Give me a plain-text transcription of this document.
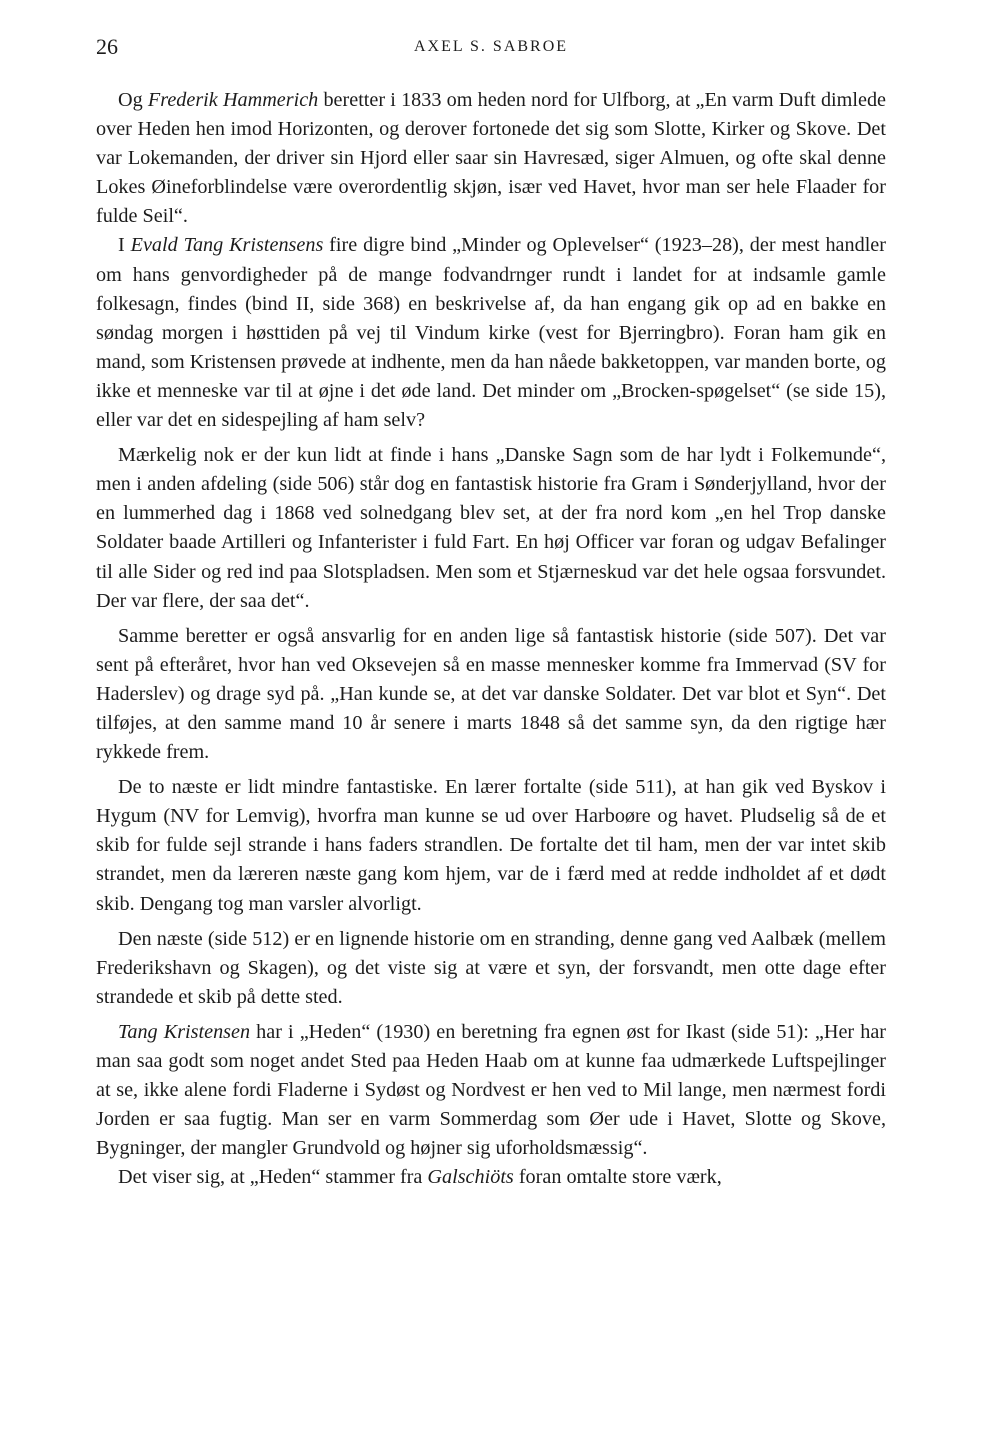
26	AXEL S. SABROE

Og Frederik Hammerich beretter i 1833 om heden nord for Ulfborg, at „En varm Duft dimlede over Heden hen imod Horizonten, og derover fortonede det sig som Slotte, Kirker og Skove. Det var Lokemanden, der driver sin Hjord eller saar sin Havresæd, siger Almuen, og ofte skal denne Lokes Øineforblindelse være overordentlig skjøn, især ved Havet, hvor man ser hele Flaader for fulde Seil“.

I Evald Tang Kristensens fire digre bind „Minder og Oplevelser“ (1923–28), der mest handler om hans genvordigheder på de mange fodvandrnger rundt i landet for at indsamle gamle folkesagn, findes (bind II, side 368) en beskrivelse af, da han engang gik op ad en bakke en søndag morgen i høsttiden på vej til Vindum kirke (vest for Bjerringbro). Foran ham gik en mand, som Kristensen prøvede at indhente, men da han nåede bakketoppen, var manden borte, og ikke et menneske var til at øjne i det øde land. Det minder om „Brocken-spøgelset“ (se side 15), eller var det en sidespejling af ham selv?

Mærkelig nok er der kun lidt at finde i hans „Danske Sagn som de har lydt i Folkemunde“, men i anden afdeling (side 506) står dog en fantastisk historie fra Gram i Sønderjylland, hvor der en lummerhed dag i 1868 ved solnedgang blev set, at der fra nord kom „en hel Trop danske Soldater baade Artilleri og Infanterister i fuld Fart. En høj Officer var foran og udgav Befalinger til alle Sider og red ind paa Slotspladsen. Men som et Stjærneskud var det hele ogsaa forsvundet. Der var flere, der saa det“.

Samme beretter er også ansvarlig for en anden lige så fantastisk historie (side 507). Det var sent på efteråret, hvor han ved Oksevejen så en masse mennesker komme fra Immervad (SV for Haderslev) og drage syd på. „Han kunde se, at det var danske Soldater. Det var blot et Syn“. Det tilføjes, at den samme mand 10 år senere i marts 1848 så det samme syn, da den rigtige hær rykkede frem.

De to næste er lidt mindre fantastiske. En lærer fortalte (side 511), at han gik ved Byskov i Hygum (NV for Lemvig), hvorfra man kunne se ud over Harboøre og havet. Pludselig så de et skib for fulde sejl strande i hans faders strandlen. De fortalte det til ham, men der var intet skib strandet, men da læreren næste gang kom hjem, var de i færd med at redde indholdet af et dødt skib. Dengang tog man varsler alvorligt.

Den næste (side 512) er en lignende historie om en stranding, denne gang ved Aalbæk (mellem Frederikshavn og Skagen), og det viste sig at være et syn, der forsvandt, men otte dage efter strandede et skib på dette sted.

Tang Kristensen har i „Heden“ (1930) en beretning fra egnen øst for Ikast (side 51): „Her har man saa godt som noget andet Sted paa Heden Haab om at kunne faa udmærkede Luftspejlinger at se, ikke alene fordi Fladerne i Sydøst og Nordvest er hen ved to Mil lange, men nærmest fordi Jorden er saa fugtig. Man ser en varm Sommerdag som Øer ude i Havet, Slotte og Skove, Bygninger, der mangler Grundvold og højner sig uforholdsmæssig“.

Det viser sig, at „Heden“ stammer fra Galschiöts foran omtalte store værk,
